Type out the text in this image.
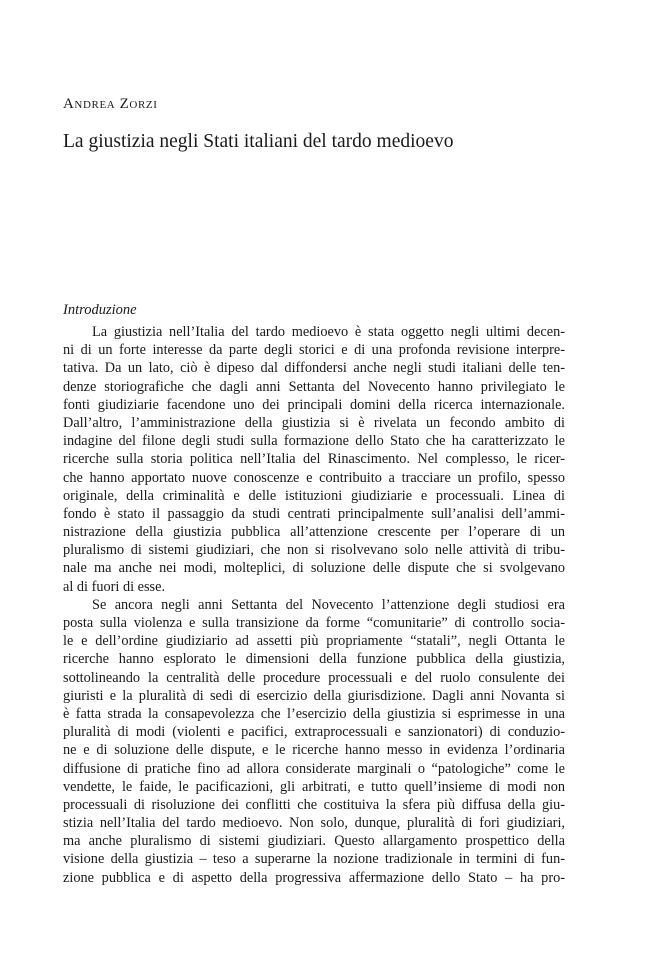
Andrea Zorzi
La giustizia negli Stati italiani del tardo medioevo
Introduzione

La giustizia nell’Italia del tardo medioevo è stata oggetto negli ultimi decen-
ni di un forte interesse da parte degli storici e di una profonda revisione interpre-
tativa. Da un lato, ciò è dipeso dal diffondersi anche negli studi italiani delle ten-
denze storiografiche che dagli anni Settanta del Novecento hanno privilegiato le
fonti giudiziarie facendone uno dei principali domini della ricerca internazionale.
Dall’altro, l’amministrazione della giustizia si è rivelata un fecondo ambito di
indagine del filone degli studi sulla formazione dello Stato che ha caratterizzato le
ricerche sulla storia politica nell’Italia del Rinascimento. Nel complesso, le ricer-
che hanno apportato nuove conoscenze e contribuito a tracciare un profilo, spesso
originale, della criminalità e delle istituzioni giudiziarie e processuali. Linea di
fondo è stato il passaggio da studi centrati principalmente sull’analisi dell’ammi-
nistrazione della giustizia pubblica all’attenzione crescente per l’operare di un
pluralismo di sistemi giudiziari, che non si risolvevano solo nelle attività di tribu-
nale ma anche nei modi, molteplici, di soluzione delle dispute che si svolgevano
al di fuori di esse.

Se ancora negli anni Settanta del Novecento l’attenzione degli studiosi era
posta sulla violenza e sulla transizione da forme “comunitarie” di controllo socia-
le e dell’ordine giudiziario ad assetti più propriamente “statali”, negli Ottanta le
ricerche hanno esplorato le dimensioni della funzione pubblica della giustizia,
sottolineando la centralità delle procedure processuali e del ruolo consulente dei
giuristi e la pluralità di sedi di esercizio della giurisdizione. Dagli anni Novanta si
è fatta strada la consapevolezza che l’esercizio della giustizia si esprimesse in una
pluralità di modi (violenti e pacifici, extraprocessuali e sanzionatori) di conduzio-
ne e di soluzione delle dispute, e le ricerche hanno messo in evidenza l’ordinaria
diffusione di pratiche fino ad allora considerate marginali o “patologiche” come le
vendette, le faide, le pacificazioni, gli arbitrati, e tutto quell’insieme di modi non
processuali di risoluzione dei conflitti che costituiva la sfera più diffusa della giu-
stizia nell’Italia del tardo medioevo. Non solo, dunque, pluralità di fori giudiziari,
ma anche pluralismo di sistemi giudiziari. Questo allargamento prospettico della
visione della giustizia – teso a superarne la nozione tradizionale in termini di fun-
zione pubblica e di aspetto della progressiva affermazione dello Stato – ha pro-
